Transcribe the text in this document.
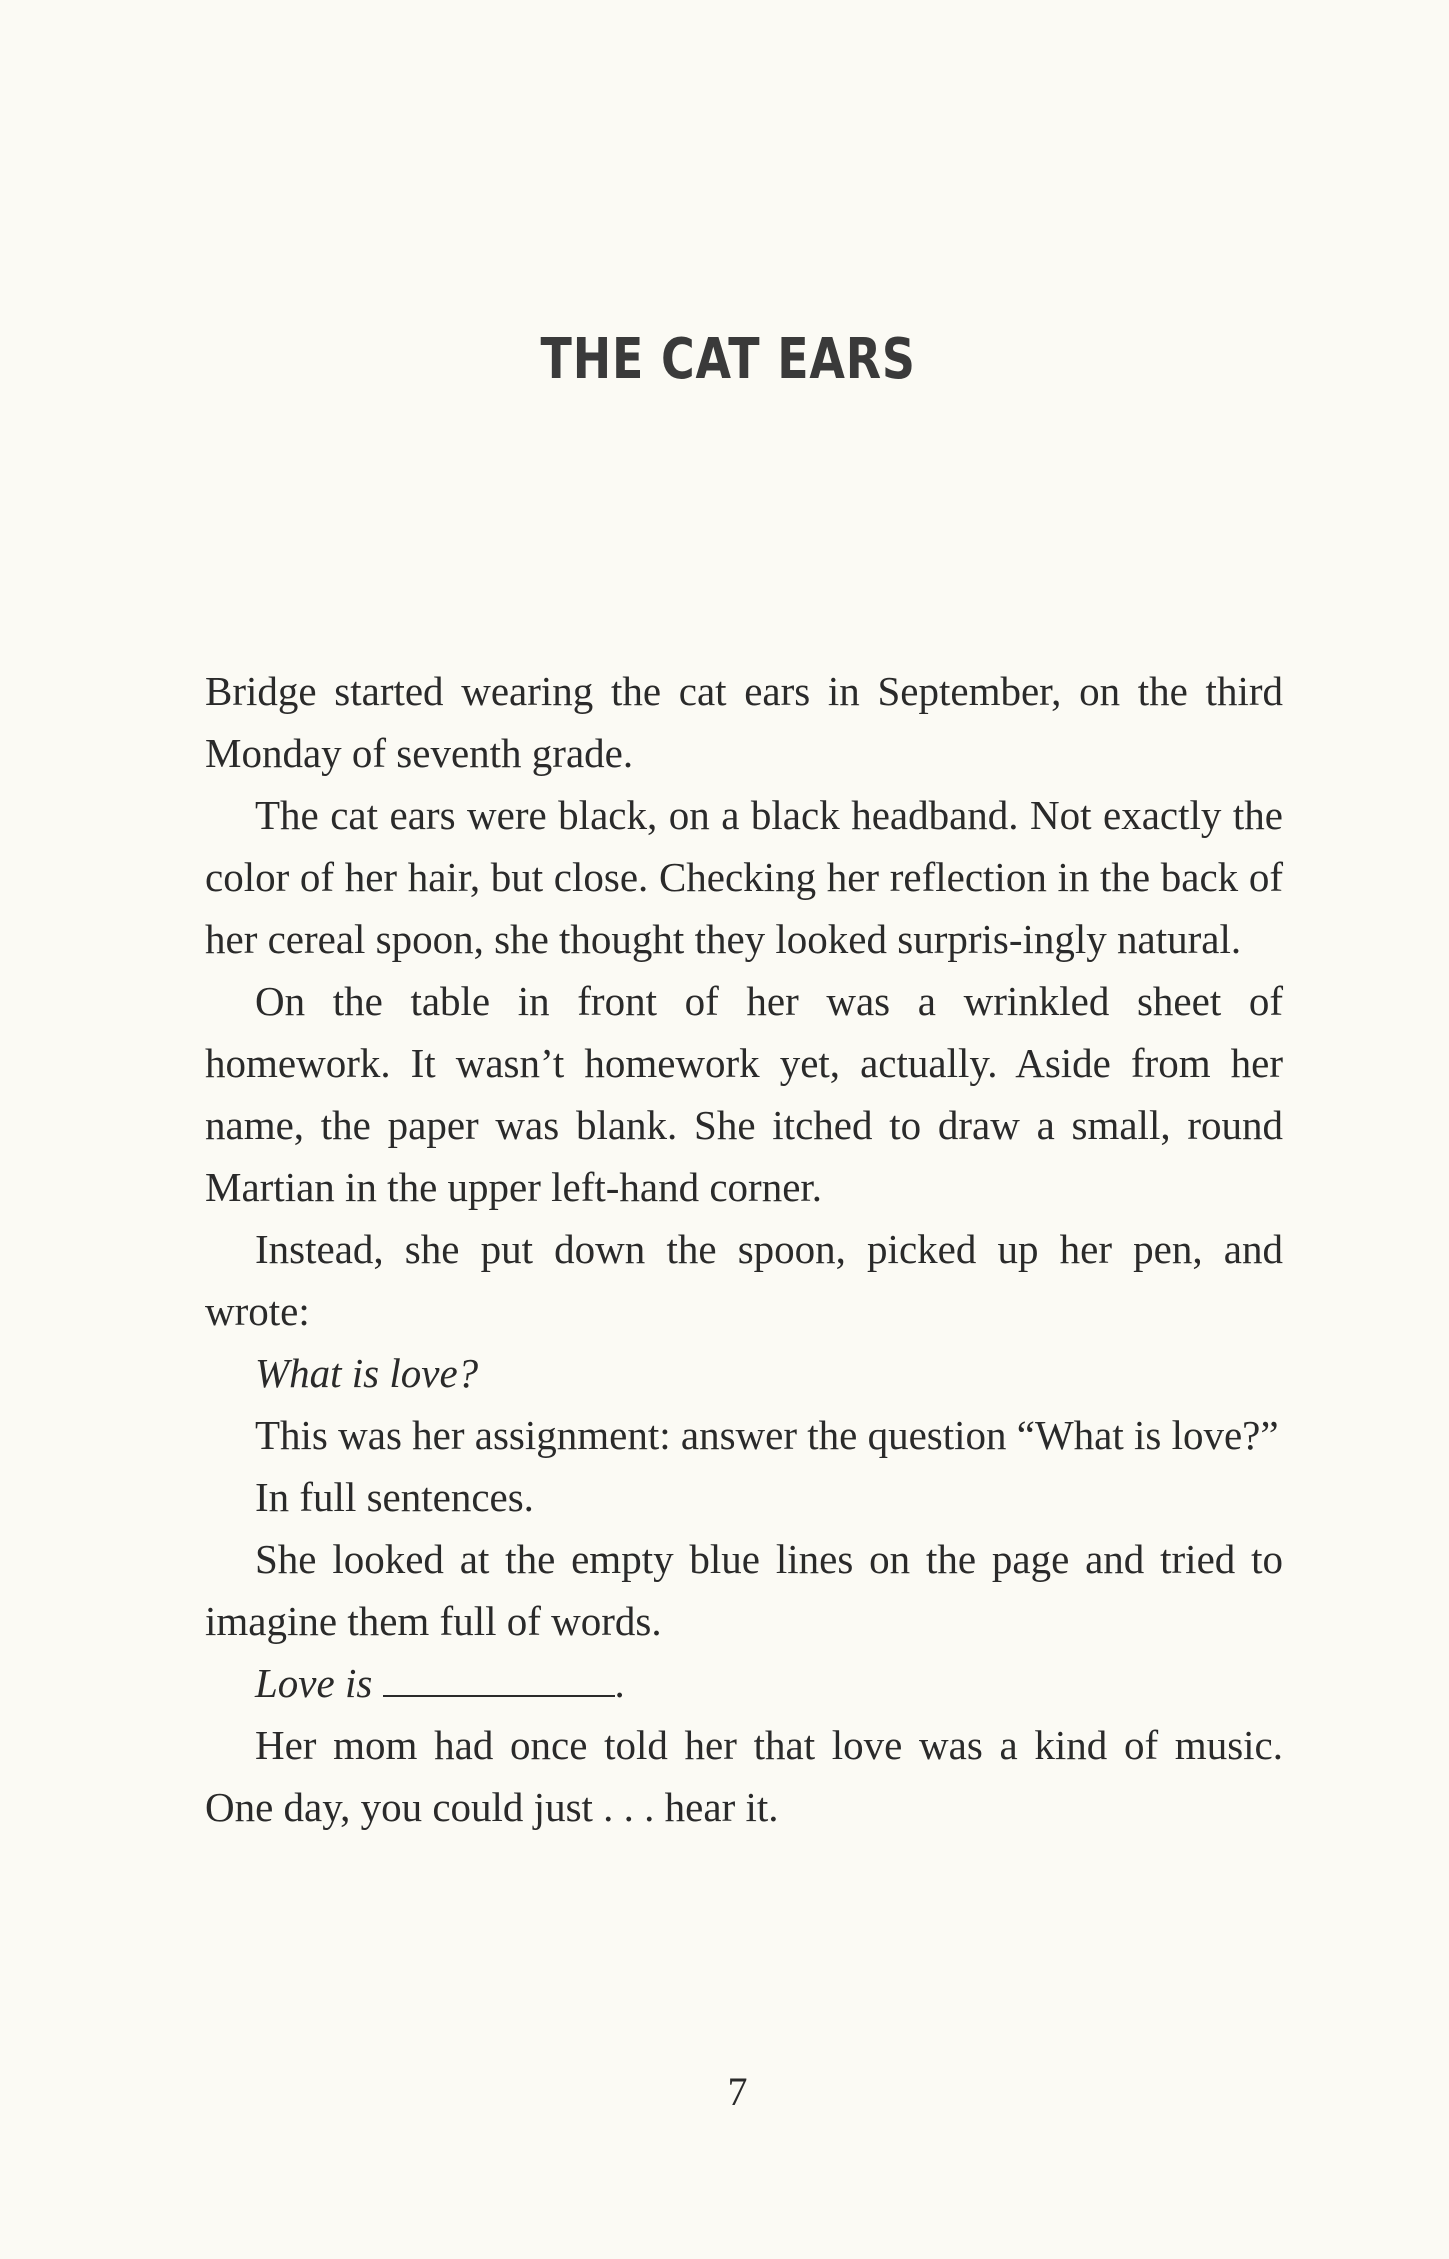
THE CAT EARS

Bridge started wearing the cat ears in September, on the third Monday of seventh grade.

The cat ears were black, on a black headband. Not exactly the color of her hair, but close. Checking her reflection in the back of her cereal spoon, she thought they looked surpris-ingly natural.

On the table in front of her was a wrinkled sheet of homework. It wasn’t homework yet, actually. Aside from her name, the paper was blank. She itched to draw a small, round Martian in the upper left-hand corner.

Instead, she put down the spoon, picked up her pen, and wrote:

What is love?

This was her assignment: answer the question “What is love?”

In full sentences.

She looked at the empty blue lines on the page and tried to imagine them full of words.

Love is	.

Her mom had once told her that love was a kind of music. One day, you could just . . . hear it.

7
